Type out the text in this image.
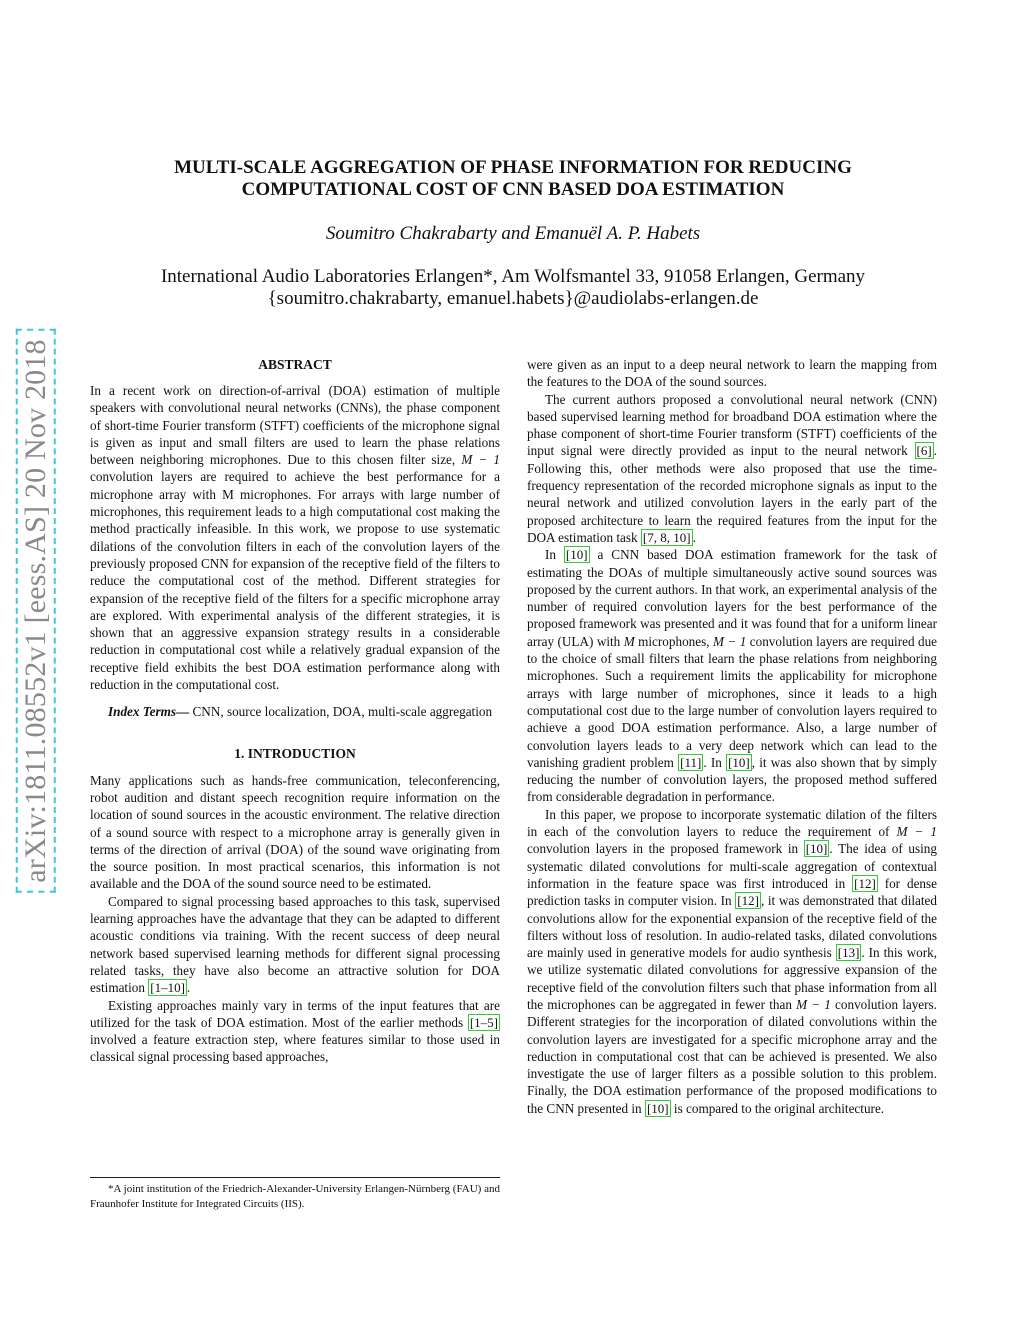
arXiv:1811.08552v1 [eess.AS] 20 Nov 2018
MULTI-SCALE AGGREGATION OF PHASE INFORMATION FOR REDUCING
COMPUTATIONAL COST OF CNN BASED DOA ESTIMATION
Soumitro Chakrabarty and Emanuël A. P. Habets
International Audio Laboratories Erlangen*, Am Wolfsmantel 33, 91058 Erlangen, Germany
{soumitro.chakrabarty, emanuel.habets}@audiolabs-erlangen.de
ABSTRACT

In a recent work on direction-of-arrival (DOA) estimation of multiple speakers with convolutional neural networks (CNNs), the phase component of short-time Fourier transform (STFT) coefficients of the microphone signal is given as input and small filters are used to learn the phase relations between neighboring microphones. Due to this chosen filter size, M − 1 convolution layers are required to achieve the best performance for a microphone array with M microphones. For arrays with large number of microphones, this requirement leads to a high computational cost making the method practically infeasible. In this work, we propose to use systematic dilations of the convolution filters in each of the convolution layers of the previously proposed CNN for expansion of the receptive field of the filters to reduce the computational cost of the method. Different strategies for expansion of the receptive field of the filters for a specific microphone array are explored. With experimental analysis of the different strategies, it is shown that an aggressive expansion strategy results in a considerable reduction in computational cost while a relatively gradual expansion of the receptive field exhibits the best DOA estimation performance along with reduction in the computational cost.

Index Terms— CNN, source localization, DOA, multi-scale aggregation

1. INTRODUCTION

Many applications such as hands-free communication, teleconferencing, robot audition and distant speech recognition require information on the location of sound sources in the acoustic environment. The relative direction of a sound source with respect to a microphone array is generally given in terms of the direction of arrival (DOA) of the sound wave originating from the source position. In most practical scenarios, this information is not available and the DOA of the sound source need to be estimated.

Compared to signal processing based approaches to this task, supervised learning approaches have the advantage that they can be adapted to different acoustic conditions via training. With the recent success of deep neural network based supervised learning methods for different signal processing related tasks, they have also become an attractive solution for DOA estimation [1–10] .

Existing approaches mainly vary in terms of the input features that are utilized for the task of DOA estimation. Most of the earlier methods [1–5] involved a feature extraction step, where features similar to those used in classical signal processing based approaches,

*A joint institution of the Friedrich-Alexander-University Erlangen-Nürnberg (FAU) and Fraunhofer Institute for Integrated Circuits (IIS).

were given as an input to a deep neural network to learn the mapping from the features to the DOA of the sound sources.

The current authors proposed a convolutional neural network (CNN) based supervised learning method for broadband DOA estimation where the phase component of short-time Fourier transform (STFT) coefficients of the input signal were directly provided as input to the neural network [6] . Following this, other methods were also proposed that use the time-frequency representation of the recorded microphone signals as input to the neural network and utilized convolution layers in the early part of the proposed architecture to learn the required features from the input for the DOA estimation task [7, 8, 10] .

In [10] a CNN based DOA estimation framework for the task of estimating the DOAs of multiple simultaneously active sound sources was proposed by the current authors. In that work, an experimental analysis of the number of required convolution layers for the best performance of the proposed framework was presented and it was found that for a uniform linear array (ULA) with M microphones, M − 1 convolution layers are required due to the choice of small filters that learn the phase relations from neighboring microphones. Such a requirement limits the applicability for microphone arrays with large number of microphones, since it leads to a high computational cost due to the large number of convolution layers required to achieve a good DOA estimation performance. Also, a large number of convolution layers leads to a very deep network which can lead to the vanishing gradient problem [11] . In [10] , it was also shown that by simply reducing the number of convolution layers, the proposed method suffered from considerable degradation in performance.

In this paper, we propose to incorporate systematic dilation of the filters in each of the convolution layers to reduce the requirement of M − 1 convolution layers in the proposed framework in [10] . The idea of using systematic dilated convolutions for multi-scale aggregation of contextual information in the feature space was first introduced in [12] for dense prediction tasks in computer vision. In [12] , it was demonstrated that dilated convolutions allow for the exponential expansion of the receptive field of the filters without loss of resolution. In audio-related tasks, dilated convolutions are mainly used in generative models for audio synthesis [13] . In this work, we utilize systematic dilated convolutions for aggressive expansion of the receptive field of the convolution filters such that phase information from all the microphones can be aggregated in fewer than M − 1 convolution layers. Different strategies for the incorporation of dilated convolutions within the convolution layers are investigated for a specific microphone array and the reduction in computational cost that can be achieved is presented. We also investigate the use of larger filters as a possible solution to this problem. Finally, the DOA estimation performance of the proposed modifications to the CNN presented in [10] is compared to the original architecture.
